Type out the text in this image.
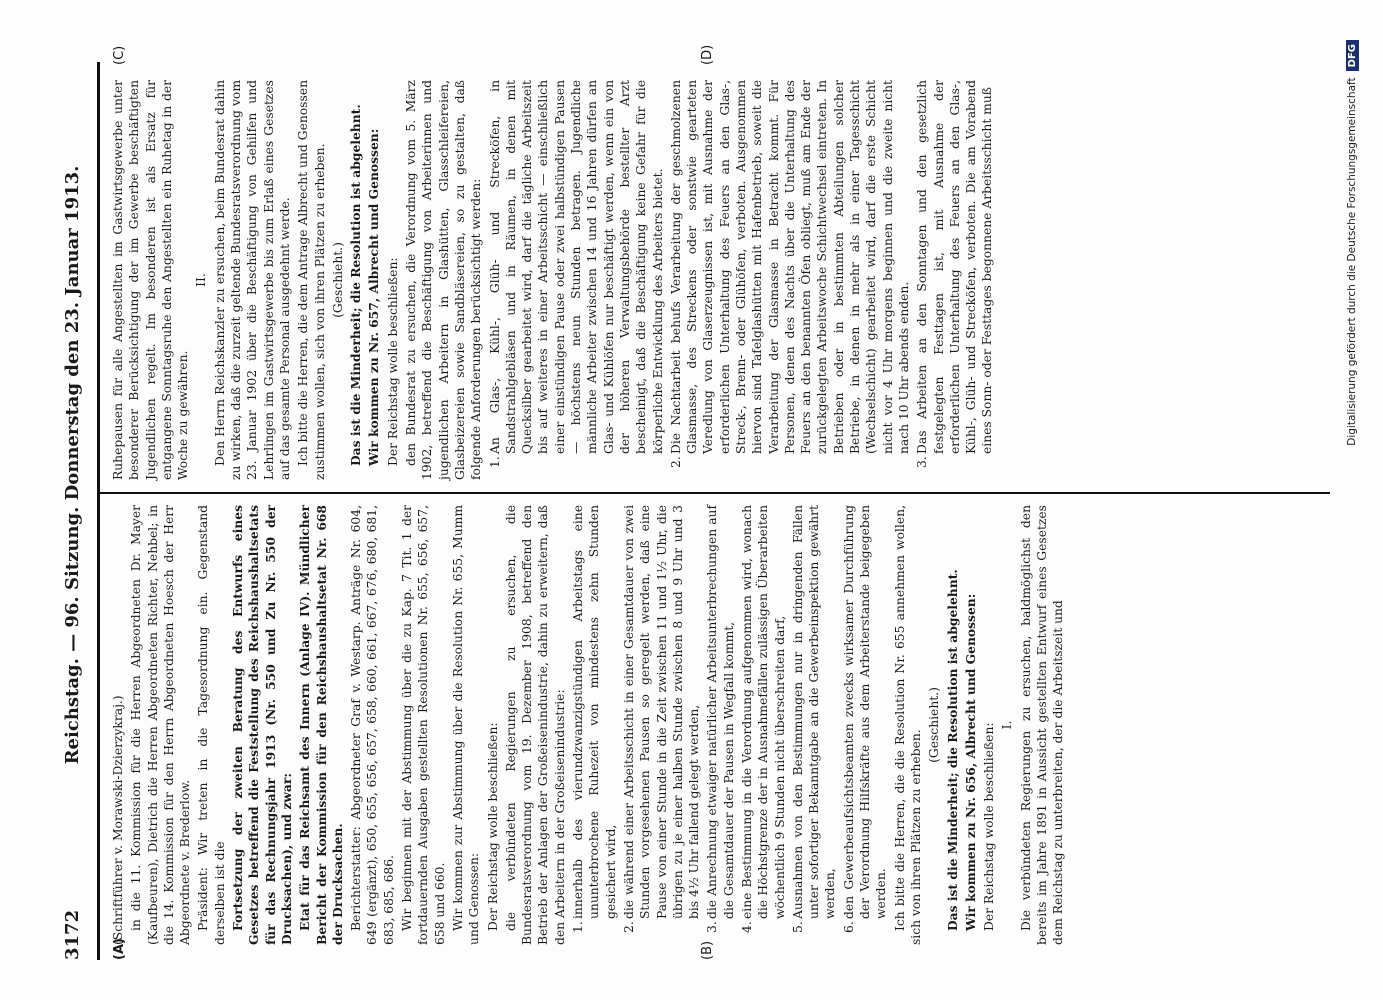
3172
Reichstag. — 96. Sitzung. Donnerstag den 23. Januar 1913.
(A)	(B)
(C)	(D)

(Schriftführer v. Morawski-Dzierzykraj.) in die 11. Kommission für die Herren Abgeordneten Dr. Mayer (Kaufbeuren), Dietrich die Herren Abgeordneten Richter, Nehbel; in die 14. Kommission für den Herrn Abgeordneten Hoesch der Herr Abgeordnete v. Brederlow. Präsident: Wir treten in die Tagesordnung ein. Gegenstand derselben ist die Fortsetzung der zweiten Beratung des Entwurfs eines Gesetzes betreffend die Feststellung des Reichshaushaltsetats für das Rechnungsjahr 1913 (Nr. 550 und Zu Nr. 550 der Drucksachen), und zwar: Etat für das Reichsamt des Innern (Anlage IV). Mündlicher Bericht der Kommission für den Reichshaushaltsetat Nr. 668 der Drucksachen. Berichterstatter: Abgeordneter Graf v. Westarp. Anträge Nr. 604, 649 (ergänzt), 650, 655, 656, 657, 658, 660, 661, 667, 676, 680, 681, 683, 685, 686. Wir beginnen mit der Abstimmung über die zu Kap. 7 Tit. 1 der fortdauernden Ausgaben gestellten Resolutionen Nr. 655, 656, 657, 658 und 660. Wir kommen zur Abstimmung über die Resolution Nr. 655, Mumm und Genossen: Der Reichstag wolle beschließen: die verbündeten Regierungen zu ersuchen, die Bundesratsverordnung vom 19. Dezember 1908, betreffend den Betrieb der Anlagen der Großeisenindustrie, dahin zu erweitern, daß den Arbeitern in der Großeisenindustrie: 1.innerhalb des vierundzwanzigstündigen Arbeitstags eine ununterbrochene Ruhezeit von mindestens zehn Stunden gesichert wird,
2.die während einer Arbeitsschicht in einer Gesamtdauer von zwei Stunden vorgesehenen Pausen so geregelt werden, daß eine Pause von einer Stunde in die Zeit zwischen 11 und 1½ Uhr, die übrigen zu je einer halben Stunde zwischen 8 und 9 Uhr und 3 bis 4½ Uhr fallend gelegt werden,
3.die Anrechnung etwaiger natürlicher Arbeitsunterbrechungen auf die Gesamtdauer der Pausen in Wegfall kommt,
4.eine Bestimmung in die Verordnung aufgenommen wird, wonach die Höchstgrenze der in Ausnahmefällen zulässigen Überarbeiten wöchentlich 9 Stunden nicht überschreiten darf,
5.Ausnahmen von den Bestimmungen nur in dringenden Fällen unter sofortiger Bekanntgabe an die Gewerbeinspektion gewährt werden,
6.den Gewerbeaufsichtsbeamten zwecks wirksamer Durchführung der Verordnung Hilfskräfte aus dem Arbeiterstande beigegeben werden. Ich bitte die Herren, die die Resolution Nr. 655 annehmen wollen, sich von ihren Plätzen zu erheben.

(Geschieht.) Das ist die Minderheit; die Resolution ist abgelehnt. Wir kommen zu Nr. 656, Albrecht und Genossen: Der Reichstag wolle beschließen: I. Die verbündeten Regierungen zu ersuchen, baldmöglichst den bereits im Jahre 1891 in Aussicht gestellten Entwurf eines Gesetzes dem Reichstag zu unterbreiten, der die Arbeitszeit und

Ruhepausen für alle Angestellten im Gastwirtsgewerbe unter besonderer Berücksichtigung der im Gewerbe beschäftigten Jugendlichen regelt. Im besonderen ist als Ersatz für entgangene Sonntagsruhe den Angestellten ein Ruhetag in der Woche zu gewähren.

II. Den Herrn Reichskanzler zu ersuchen, beim Bundesrat dahin zu wirken, daß die zurzeit geltende Bundesratsverordnung vom 23. Januar 1902 über die Beschäftigung von Gehilfen und Lehrlingen im Gastwirtsgewerbe bis zum Erlaß eines Gesetzes auf das gesamte Personal ausgedehnt werde. Ich bitte die Herren, die dem Antrage Albrecht und Genossen zustimmen wollen, sich von ihren Plätzen zu erheben. (Geschieht.) Das ist die Minderheit; die Resolution ist abgelehnt. Wir kommen zu Nr. 657, Albrecht und Genossen: Der Reichstag wolle beschließen: den Bundesrat zu ersuchen, die Verordnung vom 5. März 1902, betreffend die Beschäftigung von Arbeiterinnen und jugendlichen Arbeitern in Glashütten, Glasschleifereien, Glasbeizereien sowie Sandbläsereien, so zu gestalten, daß folgende Anforderungen berücksichtigt werden: 1.An Glas-, Kühl-, Glüh- und Strecköfen, in Sandstrahlgebläsen und in Räumen, in denen mit Quecksilber gearbeitet wird, darf die tägliche Arbeitszeit bis auf weiteres in einer Arbeitsschicht — einschließlich einer einstündigen Pause oder zwei halbstündigen Pausen — höchstens neun Stunden betragen. Jugendliche männliche Arbeiter zwischen 14 und 16 Jahren dürfen an Glas- und Kühlöfen nur beschäftigt werden, wenn ein von der höheren Verwaltungsbehörde bestellter Arzt bescheinigt, daß die Beschäftigung keine Gefahr für die körperliche Entwicklung des Arbeiters bietet.
2.Die Nachtarbeit behufs Verarbeitung der geschmolzenen Glasmasse, des Streckens oder sonstwie gearteten Veredlung von Glaserzeugnissen ist, mit Ausnahme der erforderlichen Unterhaltung des Feuers an den Glas-, Streck-, Brenn- oder Glühöfen, verboten. Ausgenommen hiervon sind Tafelglashütten mit Hafenbetrieb, soweit die Verarbeitung der Glasmasse in Betracht kommt. Für Personen, denen des Nachts über die Unterhaltung des Feuers an den benannten Öfen obliegt, muß am Ende der zurückgelegten Arbeitswoche Schichtwechsel eintreten. In Betrieben oder in bestimmten Abteilungen solcher Betriebe, in denen in mehr als in einer Tagesschicht (Wechselschicht) gearbeitet wird, darf die erste Schicht nicht vor 4 Uhr morgens beginnen und die zweite nicht nach 10 Uhr abends enden.
3.Das Arbeiten an den Sonntagen und den gesetzlich festgelegten Festtagen ist, mit Ausnahme der erforderlichen Unterhaltung des Feuers an den Glas-, Kühl-, Glüh- und Strecköfen, verboten. Die am Vorabend eines Sonn- oder Festtages begonnene Arbeitsschicht muß	Digitalisierung gefördert durch die Deutsche ForschungsgemeinschaftDFG
